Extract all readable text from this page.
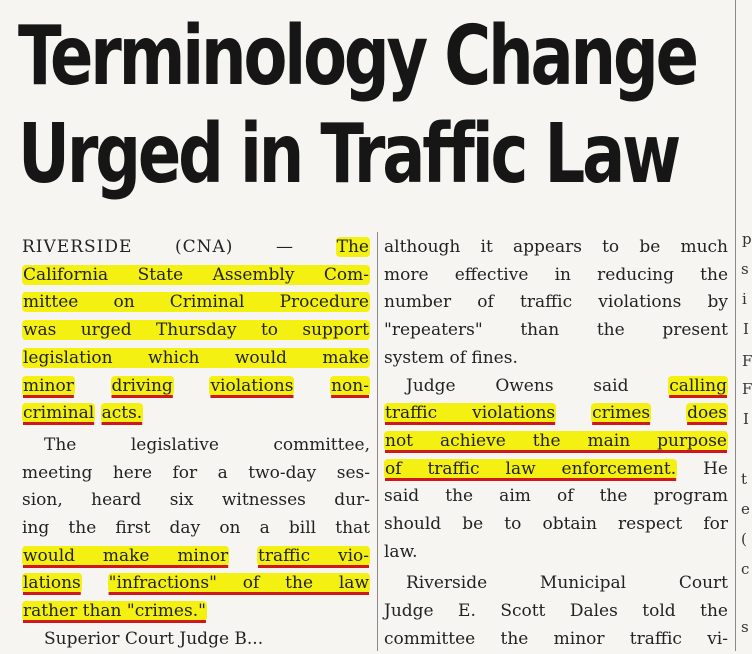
Terminology Change
Urged in Traffic Law

RIVERSIDE (CNA) —	The
California State Assembly Com-
mittee on Criminal Procedure
was urged Thursday to support
legislation which would make
minor driving violations non-
criminal acts.

The legislative committee,
meeting here for a two-day ses-
sion, heard six witnesses dur-
ing the first day on a bill that
would make minor traffic vio-
lations "infractions" of the law
rather than "crimes."

Superior Court Judge B...

although it appears to be much
more effective in reducing the
number of traffic violations by
"repeaters" than the present
system of fines.

Judge Owens said calling
traffic violations crimes does
not achieve the main purpose
of traffic law enforcement. He
said the aim of the program
should be to obtain respect for
law.

Riverside Municipal Court
Judge E. Scott Dales told the
committee the minor traffic vi-

t
e
(
c
s
I
I
F
s
i
p
F
